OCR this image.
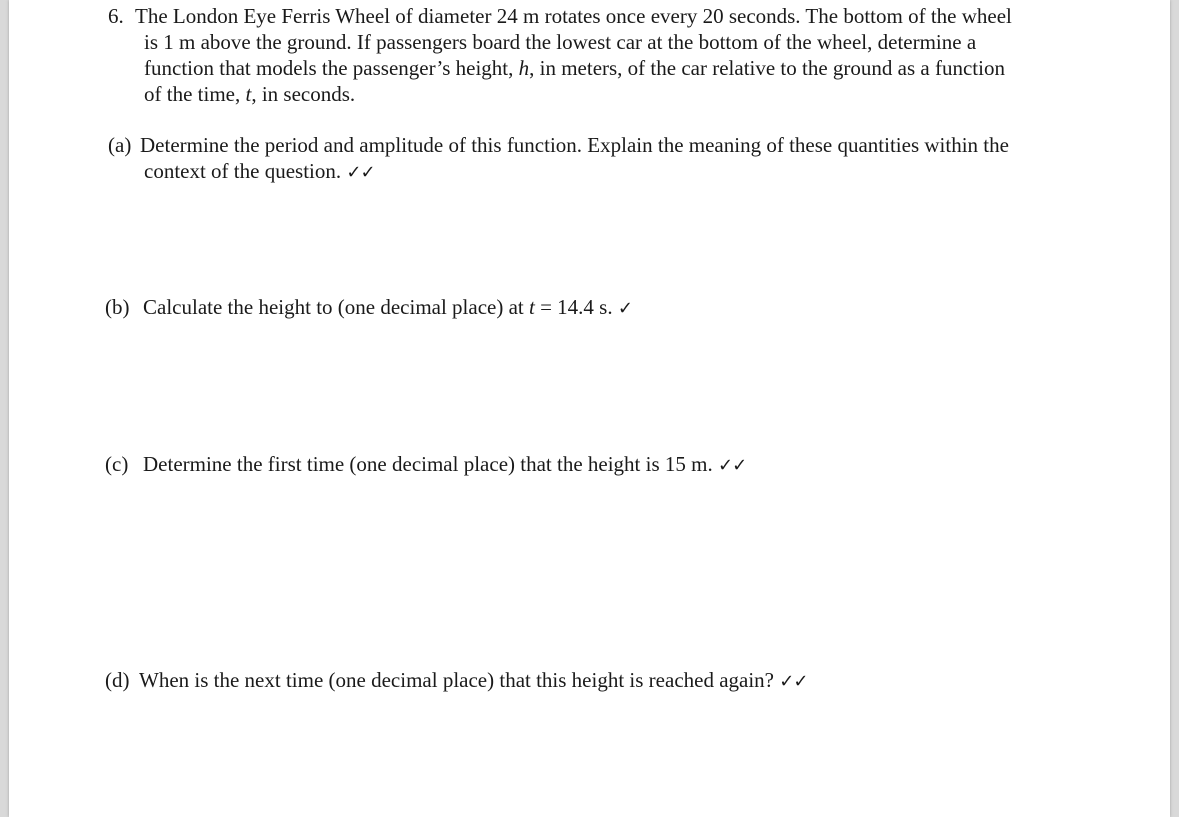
6. The London Eye Ferris Wheel of diameter 24 m rotates once every 20 seconds. The bottom of the wheel
is 1 m above the ground. If passengers board the lowest car at the bottom of the wheel, determine a
function that models the passenger’s height, h, in meters, of the car relative to the ground as a function
of the time, t, in seconds.
(a) Determine the period and amplitude of this function. Explain the meaning of these quantities within the
context of the question. ✓✓
(b) Calculate the height to (one decimal place) at t = 14.4 s. ✓
(c) Determine the first time (one decimal place) that the height is 15 m. ✓✓
(d) When is the next time (one decimal place) that this height is reached again? ✓✓
